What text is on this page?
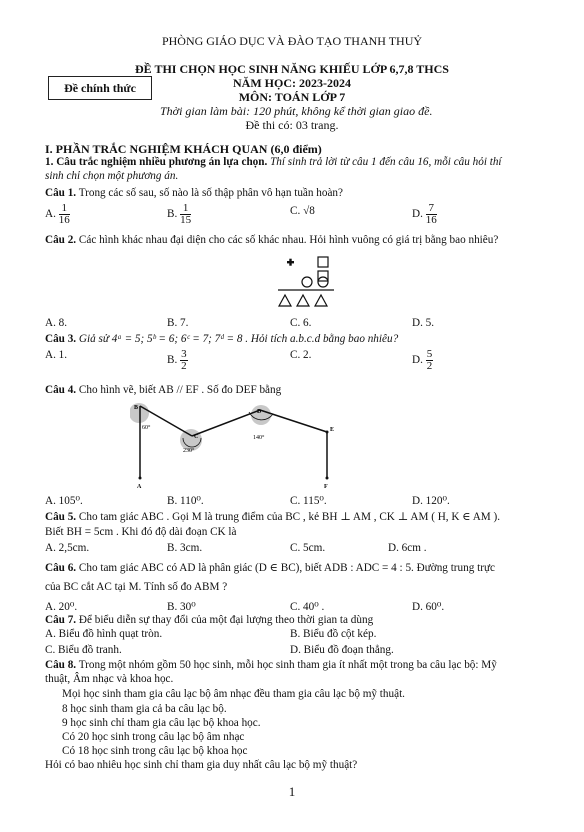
PHÒNG GIÁO DỤC VÀ ĐÀO TẠO THANH THUỶ
ĐỀ THI CHỌN HỌC SINH NĂNG KHIẾU LỚP 6,7,8 THCS
Đề chính thức	NĂM HỌC: 2023-2024
MÔN: TOÁN LỚP 7
Thời gian làm bài: 120 phút, không kể thời gian giao đề.
Đề thi có: 03 trang.
I. PHẦN TRẮC NGHIỆM KHÁCH QUAN (6,0 điểm)
1. Câu trắc nghiệm nhiều phương án lựa chọn. Thí sinh trả lời từ câu 1 đến câu 16, mỗi câu hỏi thí
sinh chỉ chọn một phương án.
Câu 1. Trong các số sau, số nào là số thập phân vô hạn tuần hoàn?
A. $\frac{1}{16}$	B. $\frac{1}{15}$	C. √8	D. $\frac{7}{16}$
Câu 2. Các hình khác nhau đại diện cho các số khác nhau. Hỏi hình vuông có giá trị bằng bao nhiêu?
A. 8.	B. 7.	C. 6.	D. 5.
Câu 3. Giả sử 4ᵃ = 5; 5ᵇ = 6; 6ᶜ = 7; 7ᵈ = 8 . Hỏi tích a.b.c.d bằng bao nhiêu?
A. 1.	B. $\frac{3}{2}$	C. 2.	D. $\frac{5}{2}$
Câu 4. Cho hình vẽ, biết AB // EF . Số đo DEF bằng
B
60°
A
C
230°
D
140°
E
F
A. 105⁰.	B. 110⁰.	C. 115⁰.	D. 120⁰.
Câu 5. Cho tam giác ABC . Gọi M là trung điểm của BC , kẻ BH ⊥ AM , CK ⊥ AM ( H, K ∈ AM ).
Biết BH = 5cm . Khi đó độ dài đoạn CK là
A. 2,5cm.	B. 3cm.	C. 5cm.	D. 6cm .
Câu 6. Cho tam giác ABC có AD là phân giác (D ∈ BC), biết ADB : ADC = 4 : 5. Đường trung trực
của BC cắt AC tại M. Tính số đo ABM ?
A. 20⁰.	B. 30⁰	C. 40⁰ .	D. 60⁰.
Câu 7. Để biểu diễn sự thay đổi của một đại lượng theo thời gian ta dùng
A. Biểu đồ hình quạt tròn.	B. Biểu đồ cột kép.
C. Biểu đồ tranh.	D. Biểu đồ đoạn thẳng.
Câu 8. Trong một nhóm gồm 50 học sinh, mỗi học sinh tham gia ít nhất một trong ba câu lạc bộ: Mỹ
thuật, Âm nhạc và khoa học.
Mọi học sinh tham gia câu lạc bộ âm nhạc đều tham gia câu lạc bộ mỹ thuật.
8 học sinh tham gia cả ba câu lạc bộ.
9 học sinh chỉ tham gia câu lạc bộ khoa học.
Có 20 học sinh trong câu lạc bộ âm nhạc
Có 18 học sinh trong câu lạc bộ khoa học
Hỏi có bao nhiêu học sinh chỉ tham gia duy nhất câu lạc bộ mỹ thuật?
1
